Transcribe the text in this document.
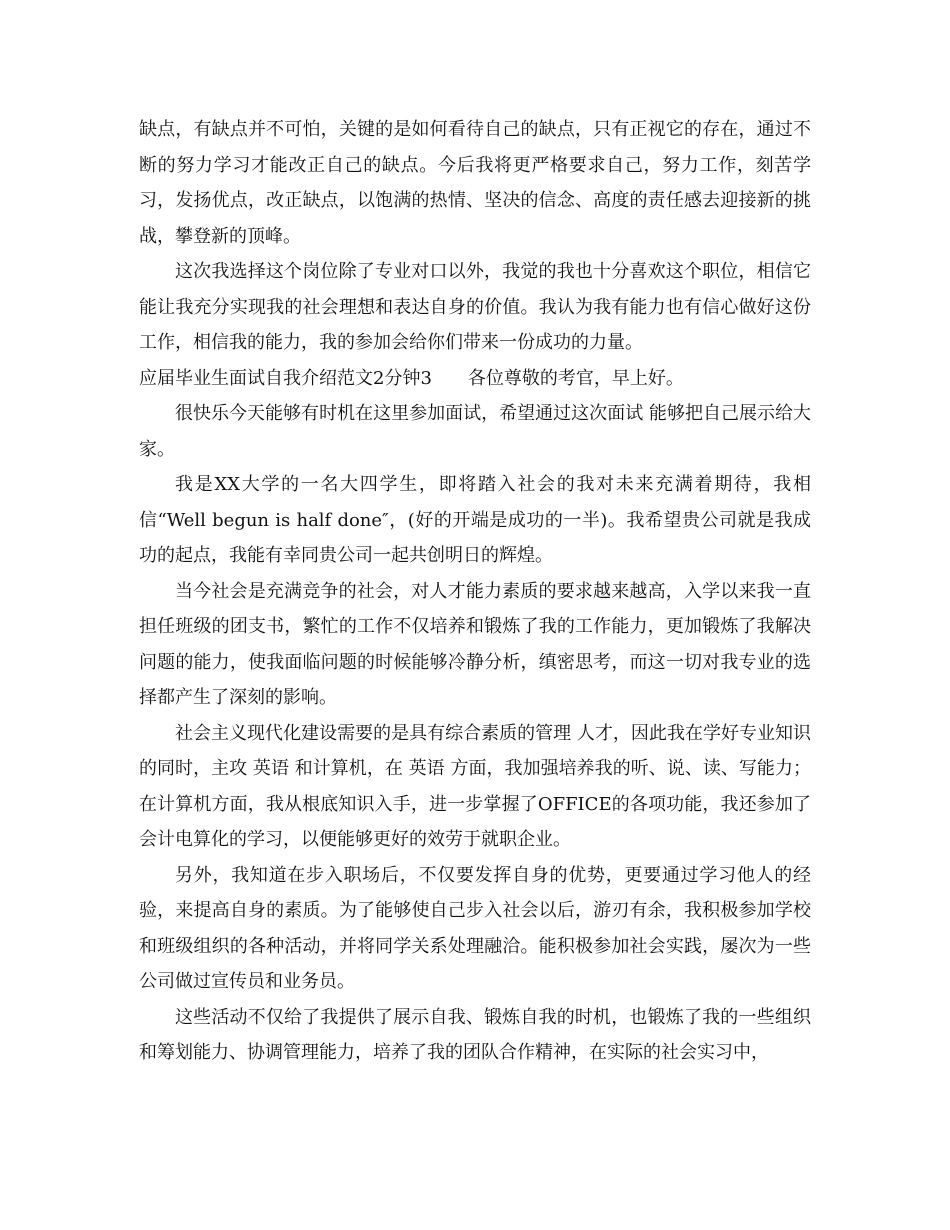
缺点，有缺点并不可怕，关键的是如何看待自己的缺点，只有正视它的存在，通过不断的努力学习才能改正自己的缺点。今后我将更严格要求自己，努力工作，刻苦学习，发扬优点，改正缺点，以饱满的热情、坚决的信念、高度的责任感去迎接新的挑战，攀登新的顶峰。

这次我选择这个岗位除了专业对口以外，我觉的我也十分喜欢这个职位，相信它能让我充分实现我的社会理想和表达自身的价值。我认为我有能力也有信心做好这份工作，相信我的能力，我的参加会给你们带来一份成功的力量。

应届毕业生面试自我介绍范文2分钟3 各位尊敬的考官，早上好。

很快乐今天能够有时机在这里参加面试，希望通过这次面试 能够把自己展示给大家。

我是XX大学的一名大四学生，即将踏入社会的我对未来充满着期待，我相信“Well begun is half done″，(好的开端是成功的一半)。我希望贵公司就是我成功的起点，我能有幸同贵公司一起共创明日的辉煌。

当今社会是充满竞争的社会，对人才能力素质的要求越来越高，入学以来我一直担任班级的团支书，繁忙的工作不仅培养和锻炼了我的工作能力，更加锻炼了我解决问题的能力，使我面临问题的时候能够冷静分析，缜密思考，而这一切对我专业的选择都产生了深刻的影响。

社会主义现代化建设需要的是具有综合素质的管理 人才，因此我在学好专业知识的同时，主攻 英语 和计算机，在 英语 方面，我加强培养我的听、说、读、写能力；在计算机方面，我从根底知识入手，进一步掌握了OFFICE的各项功能，我还参加了会计电算化的学习，以便能够更好的效劳于就职企业。

另外，我知道在步入职场后，不仅要发挥自身的优势，更要通过学习他人的经验，来提高自身的素质。为了能够使自己步入社会以后，游刃有余，我积极参加学校和班级组织的各种活动，并将同学关系处理融洽。能积极参加社会实践，屡次为一些公司做过宣传员和业务员。

这些活动不仅给了我提供了展示自我、锻炼自我的时机，也锻炼了我的一些组织和筹划能力、协调管理能力，培养了我的团队合作精神，在实际的社会实习中，
